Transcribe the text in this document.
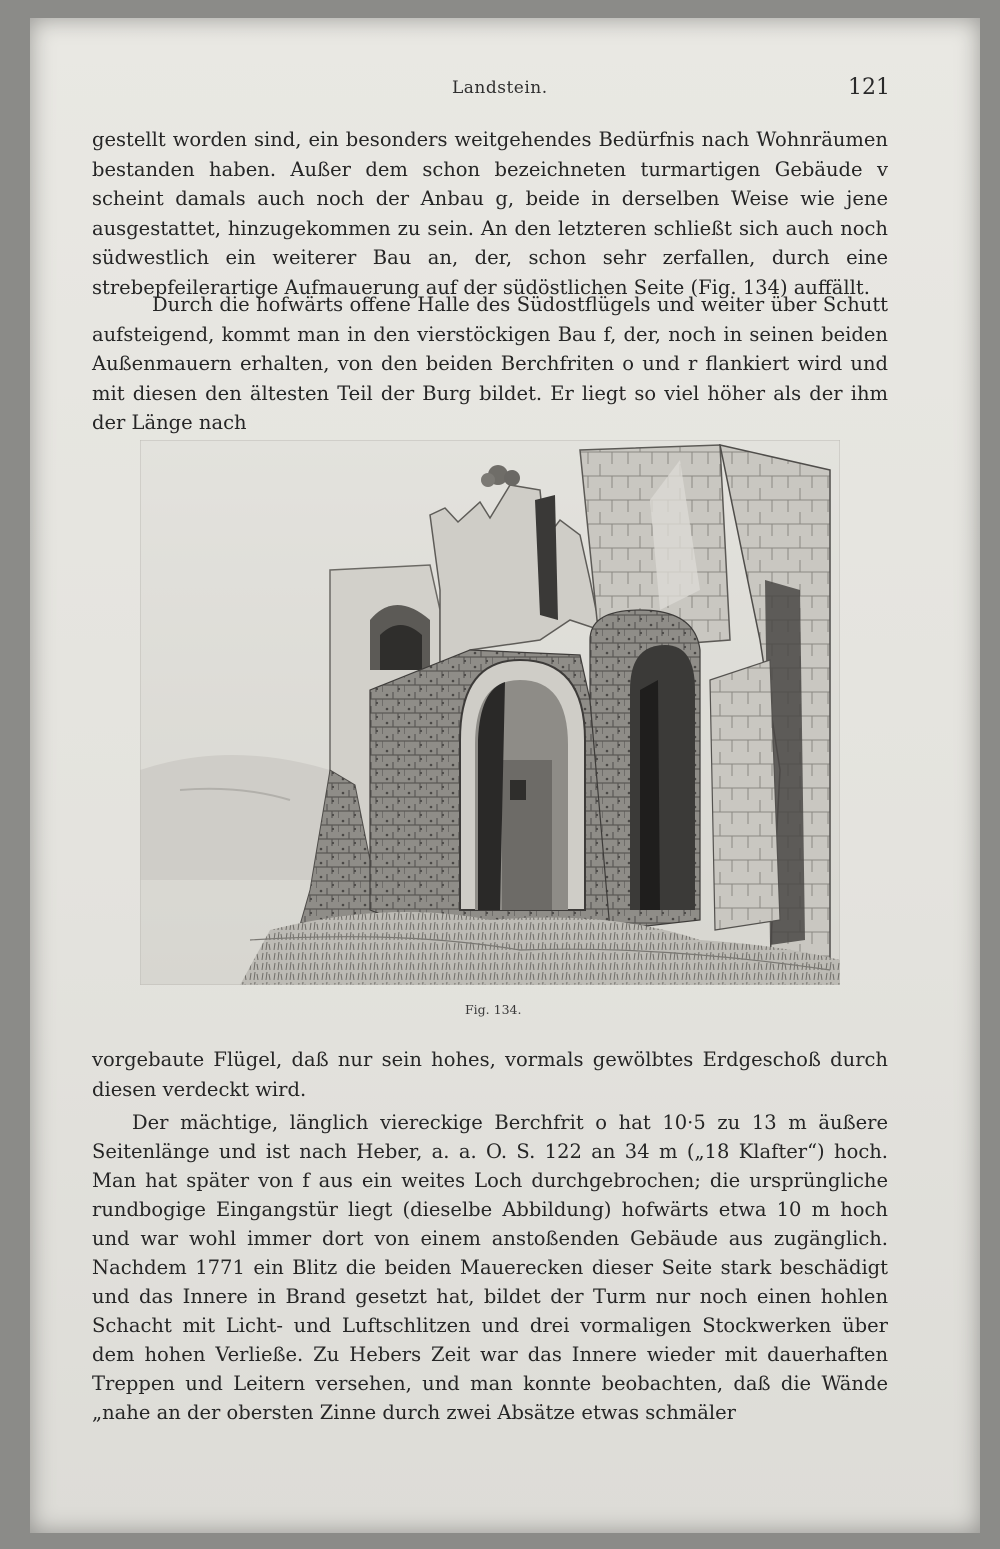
Landstein.	121

gestellt worden sind, ein besonders weitgehendes Bedürfnis nach Wohnräumen bestanden haben. Außer dem schon bezeichneten turmartigen Gebäude v scheint damals auch noch der Anbau g, beide in derselben Weise wie jene ausgestattet, hinzugekommen zu sein. An den letzteren schließt sich auch noch südwestlich ein weiterer Bau an, der, schon sehr zerfallen, durch eine strebepfeilerartige Aufmauerung auf der südöstlichen Seite (Fig. 134) auffällt.

Durch die hofwärts offene Halle des Südostflügels und weiter über Schutt aufsteigend, kommt man in den vierstöckigen Bau f, der, noch in seinen beiden Außenmauern erhalten, von den beiden Berchfriten o und r flankiert wird und mit diesen den ältesten Teil der Burg bildet. Er liegt so viel höher als der ihm der Länge nach

Fig. 134.

vorgebaute Flügel, daß nur sein hohes, vormals gewölbtes Erdgeschoß durch diesen verdeckt wird.

Der mächtige, länglich viereckige Berchfrit o hat 10·5 zu 13 m äußere Seitenlänge und ist nach Heber, a. a. O. S. 122 an 34 m („18 Klafter“) hoch. Man hat später von f aus ein weites Loch durchgebrochen; die ursprüngliche rundbogige Eingangstür liegt (dieselbe Abbildung) hofwärts etwa 10 m hoch und war wohl immer dort von einem anstoßenden Gebäude aus zugänglich. Nachdem 1771 ein Blitz die beiden Mauerecken dieser Seite stark beschädigt und das Innere in Brand gesetzt hat, bildet der Turm nur noch einen hohlen Schacht mit Licht- und Luftschlitzen und drei vormaligen Stockwerken über dem hohen Verließe. Zu Hebers Zeit war das Innere wieder mit dauerhaften Treppen und Leitern versehen, und man konnte beobachten, daß die Wände „nahe an der obersten Zinne durch zwei Absätze etwas schmäler
